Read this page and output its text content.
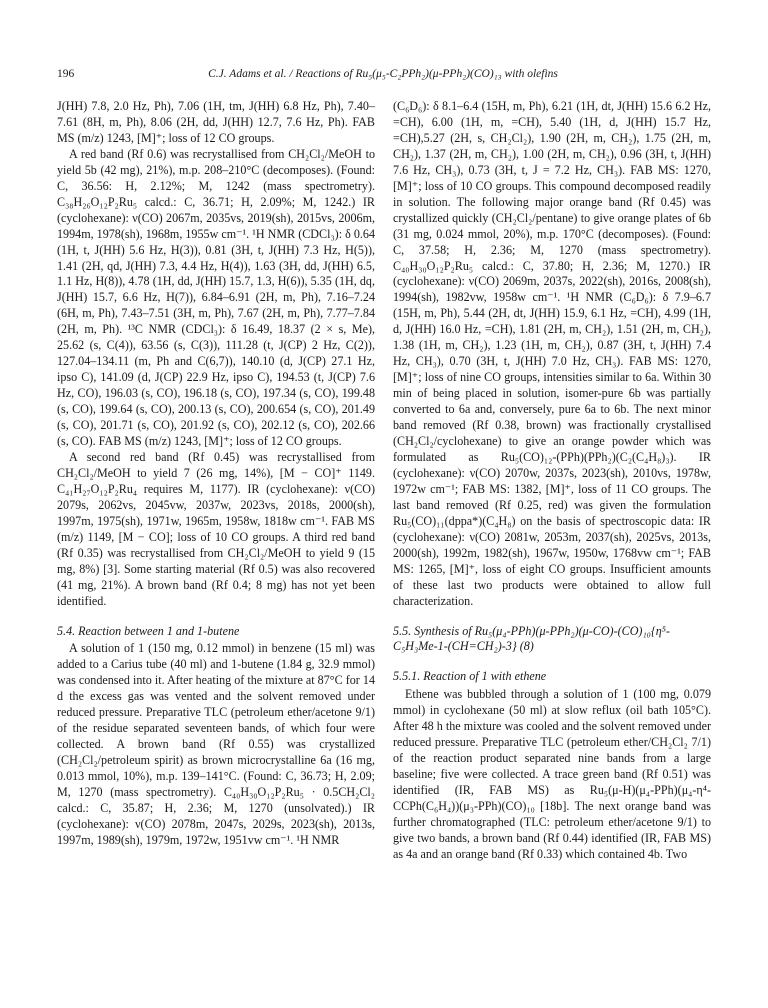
196	C.J. Adams et al. / Reactions of Ru₅(μ₅-C₂PPh₂)(μ-PPh₂)(CO)₁₃ with olefins

J(HH) 7.8, 2.0 Hz, Ph), 7.06 (1H, tm, J(HH) 6.8 Hz, Ph), 7.40–7.61 (8H, m, Ph), 8.06 (2H, dd, J(HH) 12.7, 7.6 Hz, Ph). FAB MS (m/z) 1243, [M]⁺; loss of 12 CO groups.

A red band (Rf 0.6) was recrystallised from CH₂Cl₂/MeOH to yield 5b (42 mg), 21%), m.p. 208–210°C (decomposes). (Found: C, 36.56: H, 2.12%; M, 1242 (mass spectrometry). C₃₈H₂₆O₁₂P₂Ru₅ calcd.: C, 36.71; H, 2.09%; M, 1242.) IR (cyclohexane): ν(CO) 2067m, 2035vs, 2019(sh), 2015vs, 2006m, 1994m, 1978(sh), 1968m, 1955w cm⁻¹. ¹H NMR (CDCl₃): δ 0.64 (1H, t, J(HH) 5.6 Hz, H(3)), 0.81 (3H, t, J(HH) 7.3 Hz, H(5)), 1.41 (2H, qd, J(HH) 7.3, 4.4 Hz, H(4)), 1.63 (3H, dd, J(HH) 6.5, 1.1 Hz, H(8)), 4.78 (1H, dd, J(HH) 15.7, 1.3, H(6)), 5.35 (1H, dq, J(HH) 15.7, 6.6 Hz, H(7)), 6.84–6.91 (2H, m, Ph), 7.16–7.24 (6H, m, Ph), 7.43–7.51 (3H, m, Ph), 7.67 (2H, m, Ph), 7.77–7.84 (2H, m, Ph). ¹³C NMR (CDCl₃): δ 16.49, 18.37 (2 × s, Me), 25.62 (s, C(4)), 63.56 (s, C(3)), 111.28 (t, J(CP) 2 Hz, C(2)), 127.04–134.11 (m, Ph and C(6,7)), 140.10 (d, J(CP) 27.1 Hz, ipso C), 141.09 (d, J(CP) 22.9 Hz, ipso C), 194.53 (t, J(CP) 7.6 Hz, CO), 196.03 (s, CO), 196.18 (s, CO), 197.34 (s, CO), 199.48 (s, CO), 199.64 (s, CO), 200.13 (s, CO), 200.654 (s, CO), 201.49 (s, CO), 201.71 (s, CO), 201.92 (s, CO), 202.12 (s, CO), 202.66 (s, CO). FAB MS (m/z) 1243, [M]⁺; loss of 12 CO groups.

A second red band (Rf 0.45) was recrystallised from CH₂Cl₂/MeOH to yield 7 (26 mg, 14%), [M − CO]⁺ 1149. C₄₁H₂₇O₁₂P₂Ru₄ requires M, 1177). IR (cyclohexane): ν(CO) 2079s, 2062vs, 2045vw, 2037w, 2023vs, 2018s, 2000(sh), 1997m, 1975(sh), 1971w, 1965m, 1958w, 1818w cm⁻¹. FAB MS (m/z) 1149, [M − CO]; loss of 10 CO groups. A third red band (Rf 0.35) was recrystallised from CH₂Cl₂/MeOH to yield 9 (15 mg, 8%) [3]. Some starting material (Rf 0.5) was also recovered (41 mg, 21%). A brown band (Rf 0.4; 8 mg) has not yet been identified.

5.4. Reaction between 1 and 1-butene

A solution of 1 (150 mg, 0.12 mmol) in benzene (15 ml) was added to a Carius tube (40 ml) and 1-butene (1.84 g, 32.9 mmol) was condensed into it. After heating of the mixture at 87°C for 14 d the excess gas was vented and the solvent removed under reduced pressure. Preparative TLC (petroleum ether/acetone 9/1) of the residue separated seventeen bands, of which four were collected. A brown band (Rf 0.55) was crystallized (CH₂Cl₂/petroleum spirit) as brown microcrystalline 6a (16 mg, 0.013 mmol, 10%), m.p. 139–141°C. (Found: C, 36.73; H, 2.09; M, 1270 (mass spectrometry). C₄₀H₃₀O₁₂P₂Ru₅ · 0.5CH₂Cl₂ calcd.: C, 35.87; H, 2.36; M, 1270 (unsolvated).) IR (cyclohexane): ν(CO) 2078m, 2047s, 2029s, 2023(sh), 2013s, 1997m, 1989(sh), 1979m, 1972w, 1951vw cm⁻¹. ¹H NMR

(C₆D₆): δ 8.1–6.4 (15H, m, Ph), 6.21 (1H, dt, J(HH) 15.6 6.2 Hz, =CH), 6.00 (1H, m, =CH), 5.40 (1H, d, J(HH) 15.7 Hz, =CH),5.27 (2H, s, CH₂Cl₂), 1.90 (2H, m, CH₂), 1.75 (2H, m, CH₂), 1.37 (2H, m, CH₂), 1.00 (2H, m, CH₂), 0.96 (3H, t, J(HH) 7.6 Hz, CH₃), 0.73 (3H, t, J = 7.2 Hz, CH₃). FAB MS: 1270, [M]⁺; loss of 10 CO groups. This compound decomposed readily in solution. The following major orange band (Rf 0.45) was crystallized quickly (CH₂Cl₂/pentane) to give orange plates of 6b (31 mg, 0.024 mmol, 20%), m.p. 170°C (decomposes). (Found: C, 37.58; H, 2.36; M, 1270 (mass spectrometry). C₄₀H₃₀O₁₂P₂Ru₅ calcd.: C, 37.80; H, 2.36; M, 1270.) IR (cyclohexane): ν(CO) 2069m, 2037s, 2022(sh), 2016s, 2008(sh), 1994(sh), 1982vw, 1958w cm⁻¹. ¹H NMR (C₆D₆): δ 7.9–6.7 (15H, m, Ph), 5.44 (2H, dt, J(HH) 15.9, 6.1 Hz, =CH), 4.99 (1H, d, J(HH) 16.0 Hz, =CH), 1.81 (2H, m, CH₂), 1.51 (2H, m, CH₂), 1.38 (1H, m, CH₂), 1.23 (1H, m, CH₂), 0.87 (3H, t, J(HH) 7.4 Hz, CH₃), 0.70 (3H, t, J(HH) 7.0 Hz, CH₃). FAB MS: 1270, [M]⁺; loss of nine CO groups, intensities similar to 6a. Within 30 min of being placed in solution, isomer-pure 6b was partially converted to 6a and, conversely, pure 6a to 6b. The next minor band removed (Rf 0.38, brown) was fractionally crystallised (CH₂Cl₂/cyclohexane) to give an orange powder which was formulated as Ru₅(CO)₁₂-(PPh)(PPh₂)(C₂(C₄H₈)₃). IR (cyclohexane): ν(CO) 2070w, 2037s, 2023(sh), 2010vs, 1978w, 1972w cm⁻¹; FAB MS: 1382, [M]⁺, loss of 11 CO groups. The last band removed (Rf 0.25, red) was given the formulation Ru₅(CO)₁₁(dppa*)(C₄H₈) on the basis of spectroscopic data: IR (cyclohexane): ν(CO) 2081w, 2053m, 2037(sh), 2025vs, 2013s, 2000(sh), 1992m, 1982(sh), 1967w, 1950w, 1768vw cm⁻¹; FAB MS: 1265, [M]⁺, loss of eight CO groups. Insufficient amounts of these last two products were obtained to allow full characterization.

5.5. Synthesis of Ru₅(μ₄-PPh)(μ-PPh₂)(μ-CO)-(CO)₁₀{η⁵-C₅H₃Me-1-(CH=CH₂)-3} (8)
5.5.1. Reaction of 1 with ethene

Ethene was bubbled through a solution of 1 (100 mg, 0.079 mmol) in cyclohexane (50 ml) at slow reflux (oil bath 105°C). After 48 h the mixture was cooled and the solvent removed under reduced pressure. Preparative TLC (petroleum ether/CH₂Cl₂ 7/1) of the reaction product separated nine bands from a large baseline; five were collected. A trace green band (Rf 0.51) was identified (IR, FAB MS) as Ru₅(μ-H)(μ₄-PPh)(μ₄-η⁴-CCPh(C₆H₄))(μ₃-PPh)(CO)₁₀ [18b]. The next orange band was further chromatographed (TLC: petroleum ether/acetone 9/1) to give two bands, a brown band (Rf 0.44) identified (IR, FAB MS) as 4a and an orange band (Rf 0.33) which contained 4b. Two
